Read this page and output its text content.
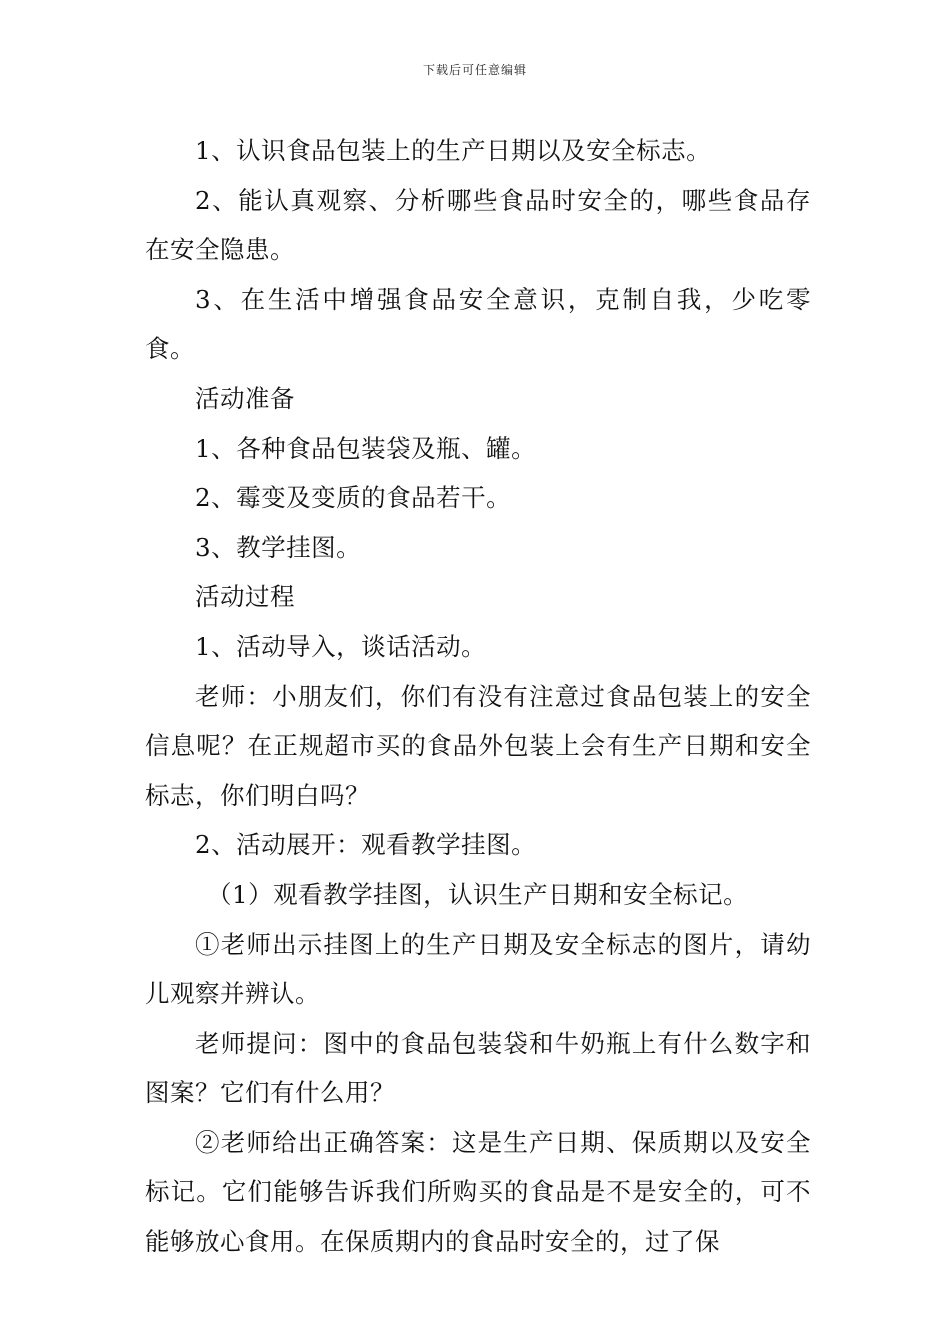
下载后可任意编辑

1、认识食品包装上的生产日期以及安全标志。

2、能认真观察、分析哪些食品时安全的，哪些食品存在安全隐患。

3、在生活中增强食品安全意识，克制自我，少吃零食。

活动准备

1、各种食品包装袋及瓶、罐。

2、霉变及变质的食品若干。

3、教学挂图。

活动过程

1、活动导入，谈话活动。

老师：小朋友们，你们有没有注意过食品包装上的安全信息呢？在正规超市买的食品外包装上会有生产日期和安全标志，你们明白吗？

2、活动展开：观看教学挂图。

（1）观看教学挂图，认识生产日期和安全标记。

①老师出示挂图上的生产日期及安全标志的图片，请幼儿观察并辨认。

老师提问：图中的食品包装袋和牛奶瓶上有什么数字和图案？它们有什么用？

②老师给出正确答案：这是生产日期、保质期以及安全标记。它们能够告诉我们所购买的食品是不是安全的，可不能够放心食用。在保质期内的食品时安全的，过了保
